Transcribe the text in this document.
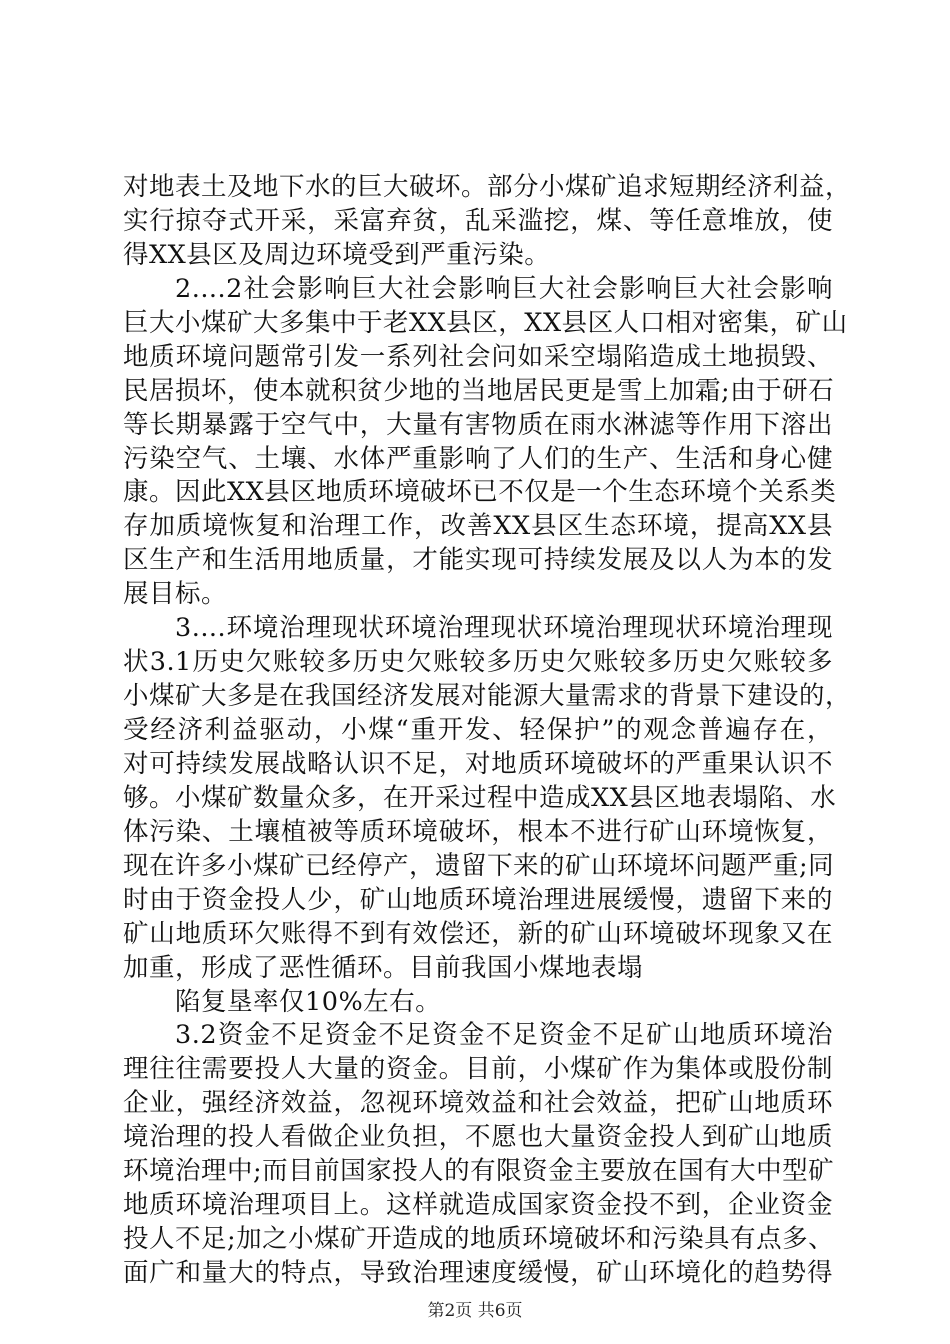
对地表土及地下水的巨大破坏。部分小煤矿追求短期经济利益，
实行掠夺式开采，采富弃贫，乱采滥挖，煤、等任意堆放，使
得XX县区及周边环境受到严重污染。
2....2社会影响巨大社会影响巨大社会影响巨大社会影响
巨大小煤矿大多集中于老XX县区，XX县区人口相对密集，矿山
地质环境问题常引发一系列社会问如采空塌陷造成土地损毁、
民居损坏，使本就积贫少地的当地居民更是雪上加霜;由于研石
等长期暴露于空气中，大量有害物质在雨水淋滤等作用下溶出
污染空气、土壤、水体严重影响了人们的生产、生活和身心健
康。因此XX县区地质环境破坏已不仅是一个生态环境个关系类
存加质境恢复和治理工作，改善XX县区生态环境，提高XX县
区生产和生活用地质量，才能实现可持续发展及以人为本的发
展目标。
3....环境治理现状环境治理现状环境治理现状环境治理现
状3.1历史欠账较多历史欠账较多历史欠账较多历史欠账较多
小煤矿大多是在我国经济发展对能源大量需求的背景下建设的，
受经济利益驱动，小煤“重开发、轻保护”的观念普遍存在，
对可持续发展战略认识不足，对地质环境破坏的严重果认识不
够。小煤矿数量众多，在开采过程中造成XX县区地表塌陷、水
体污染、土壤植被等质环境破坏，根本不进行矿山环境恢复，
现在许多小煤矿已经停产，遗留下来的矿山环境坏问题严重;同
时由于资金投人少，矿山地质环境治理进展缓慢，遗留下来的
矿山地质环欠账得不到有效偿还，新的矿山环境破坏现象又在
加重，形成了恶性循环。目前我国小煤地表塌
陷复垦率仅10%左右。
3.2资金不足资金不足资金不足资金不足矿山地质环境治
理往往需要投人大量的资金。目前，小煤矿作为集体或股份制
企业，强经济效益，忽视环境效益和社会效益，把矿山地质环
境治理的投人看做企业负担，不愿也大量资金投人到矿山地质
环境治理中;而目前国家投人的有限资金主要放在国有大中型矿
地质环境治理项目上。这样就造成国家资金投不到，企业资金
投人不足;加之小煤矿开造成的地质环境破坏和污染具有点多、
面广和量大的特点，导致治理速度缓慢，矿山环境化的趋势得
第2页 共6页
